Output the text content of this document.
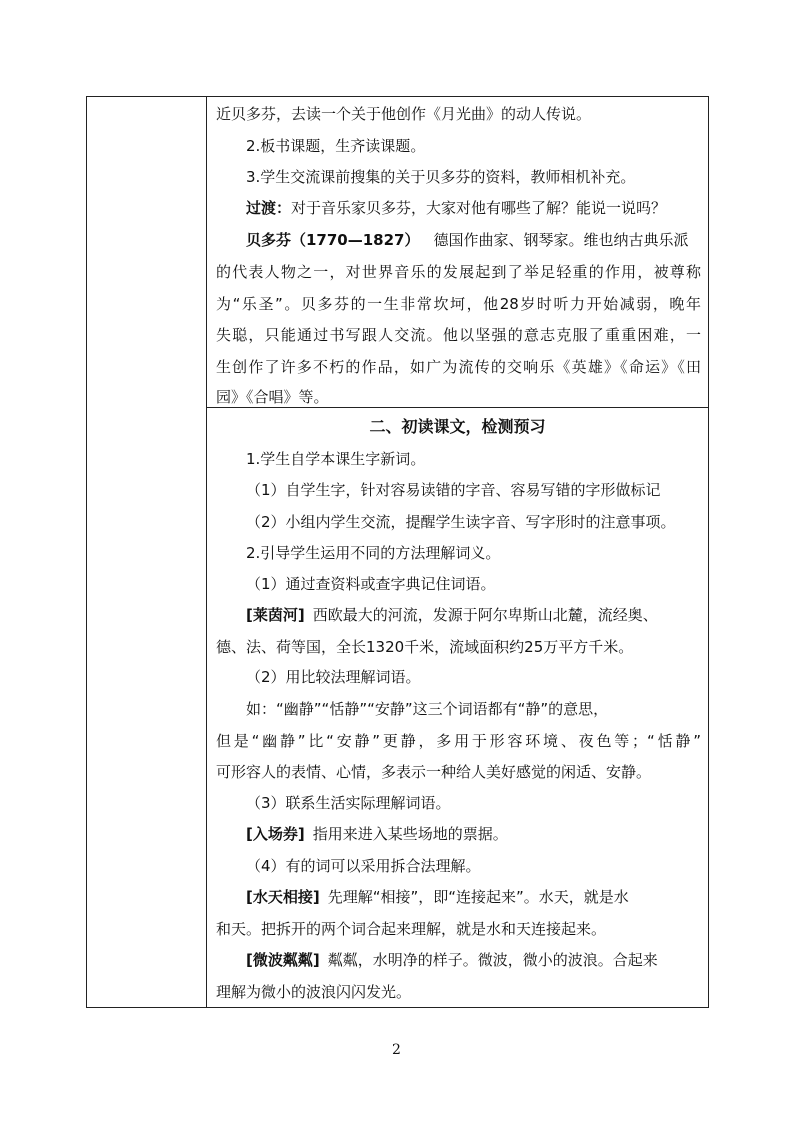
近贝多芬，去读一个关于他创作《月光曲》的动人传说。
2.板书课题，生齐读课题。
3.学生交流课前搜集的关于贝多芬的资料，教师相机补充。
过渡：对于音乐家贝多芬，大家对他有哪些了解？能说一说吗？
贝多芬（1770—1827） 德国作曲家、钢琴家。维也纳古典乐派
的代表人物之一，对世界音乐的发展起到了举足轻重的作用，被尊称
为“乐圣”。贝多芬的一生非常坎坷，他28岁时听力开始减弱，晚年
失聪，只能通过书写跟人交流。他以坚强的意志克服了重重困难，一
生创作了许多不朽的作品，如广为流传的交响乐《英雄》《命运》《田
园》《合唱》等。
二、初读课文，检测预习
1.学生自学本课生字新词。
（1）自学生字，针对容易读错的字音、容易写错的字形做标记
（2）小组内学生交流，提醒学生读字音、写字形时的注意事项。
2.引导学生运用不同的方法理解词义。
（1）通过查资料或查字典记住词语。
[莱茵河] 西欧最大的河流，发源于阿尔卑斯山北麓，流经奥、
德、法、荷等国，全长1320千米，流域面积约25万平方千米。
（2）用比较法理解词语。
如：“幽静”“恬静”“安静”这三个词语都有“静”的意思，
但是“幽静”比“安静”更静，多用于形容环境、夜色等；“恬静”
可形容人的表情、心情，多表示一种给人美好感觉的闲适、安静。
（3）联系生活实际理解词语。
[入场券] 指用来进入某些场地的票据。
（4）有的词可以采用拆合法理解。
[水天相接] 先理解“相接”，即“连接起来”。水天，就是水
和天。把拆开的两个词合起来理解，就是水和天连接起来。
[微波粼粼] 粼粼，水明净的样子。微波，微小的波浪。合起来
理解为微小的波浪闪闪发光。
2
